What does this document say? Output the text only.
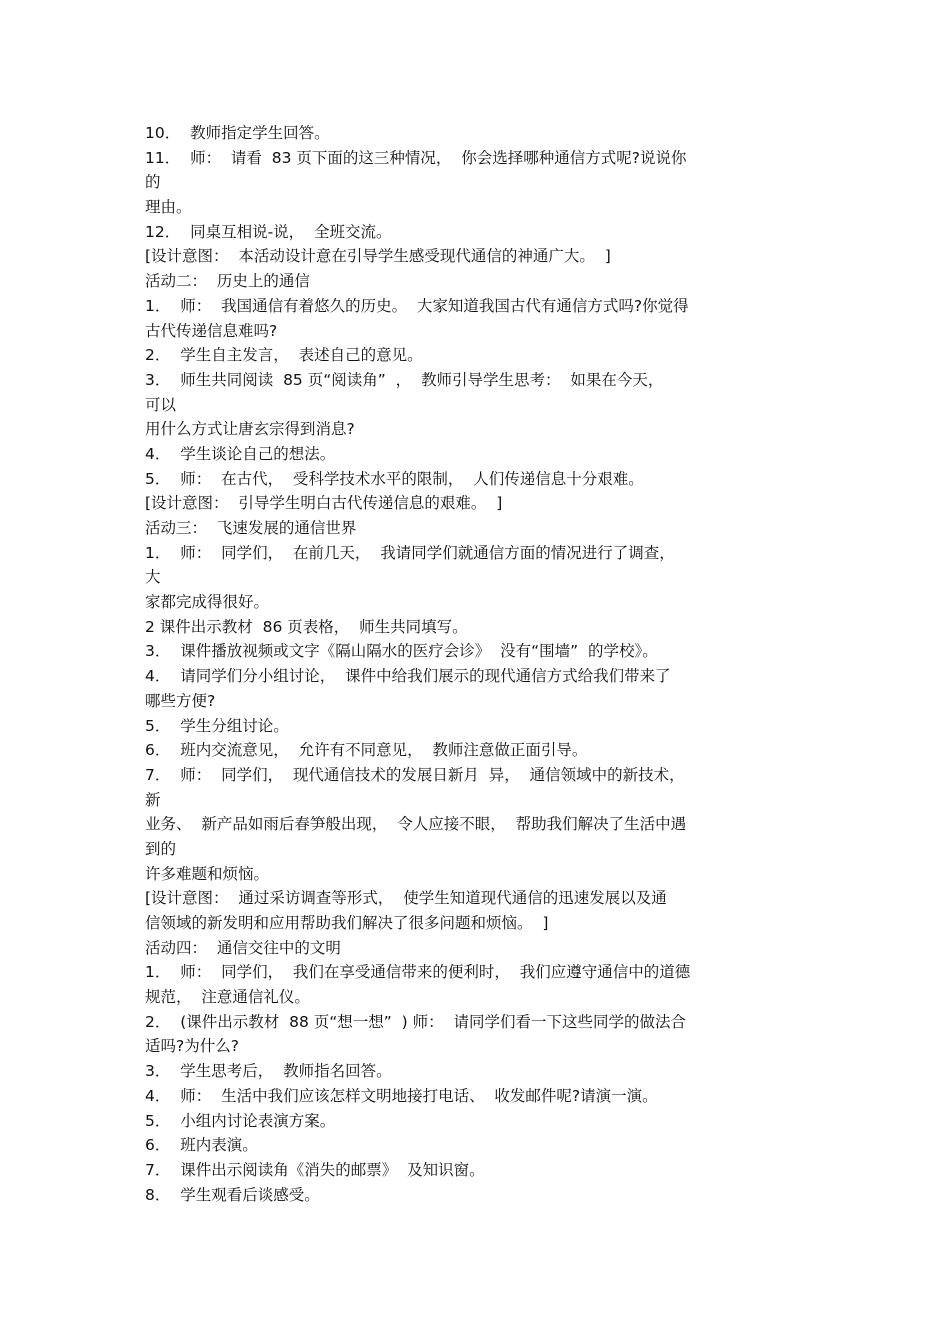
10．  教师指定学生回答。
11．  师：  请看  83 页下面的这三种情况，  你会选择哪种通信方式呢?说说你
的
理由。
12．  同桌互相说-说，  全班交流。
[设计意图：  本活动设计意在引导学生感受现代通信的神通广大。  ]
活动二：  历史上的通信
1．  师：  我国通信有着悠久的历史。  大家知道我国古代有通信方式吗?你觉得
古代传递信息难吗?
2．  学生自主发言，  表述自己的意见。
3．  师生共同阅读  85 页“阅读角”  ，  教师引导学生思考：  如果在今天，
可以
用什么方式让唐玄宗得到消息?
4．  学生谈论自己的想法。
5．  师：  在古代，  受科学技术水平的限制，  人们传递信息十分艰难。
[设计意图：  引导学生明白古代传递信息的艰难。  ]
活动三：  飞速发展的通信世界
1．  师：  同学们，  在前几天，  我请同学们就通信方面的情况进行了调查，
大
家都完成得很好。
2 课件出示教材  86 页表格，  师生共同填写。
3．  课件播放视频或文字《隔山隔水的医疗会诊》  没有“围墙”  的学校》。
4．  请同学们分小组讨论，  课件中给我们展示的现代通信方式给我们带来了
哪些方便?
5．  学生分组讨论。
6．  班内交流意见，  允许有不同意见，  教师注意做正面引导。
7．  师：  同学们，  现代通信技术的发展日新月  异，  通信领域中的新技术，
新
业务、  新产品如雨后春笋般出现，  令人应接不眼，  帮助我们解决了生活中遇
到的
许多难题和烦恼。
[设计意图：  通过采访调查等形式，  使学生知道现代通信的迅速发展以及通
信领域的新发明和应用帮助我们解决了很多问题和烦恼。  ]
活动四：  通信交往中的文明
1．  师：  同学们，  我们在享受通信带来的便利时，  我们应遵守通信中的道德
规范，  注意通信礼仪。
2．  (课件出示教材  88 页“想一想”  ) 师：  请同学们看一下这些同学的做法合
适吗?为什么?
3．  学生思考后，  教师指名回答。
4．  师：  生活中我们应该怎样文明地接打电话、  收发邮件呢?请演一演。
5．  小组内讨论表演方案。
6．  班内表演。
7．  课件出示阅读角《消失的邮票》  及知识窗。
8．  学生观看后谈感受。
